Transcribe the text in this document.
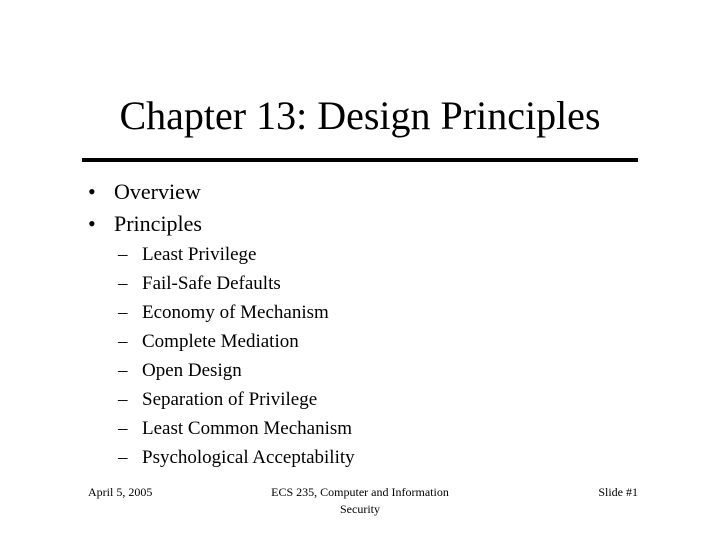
Chapter 13: Design Principles
• Overview
• Principles
– Least Privilege
– Fail-Safe Defaults
– Economy of Mechanism
– Complete Mediation
– Open Design
– Separation of Privilege
– Least Common Mechanism
– Psychological Acceptability
April 5, 2005	ECS 235, Computer and Information Security
Slide #1
